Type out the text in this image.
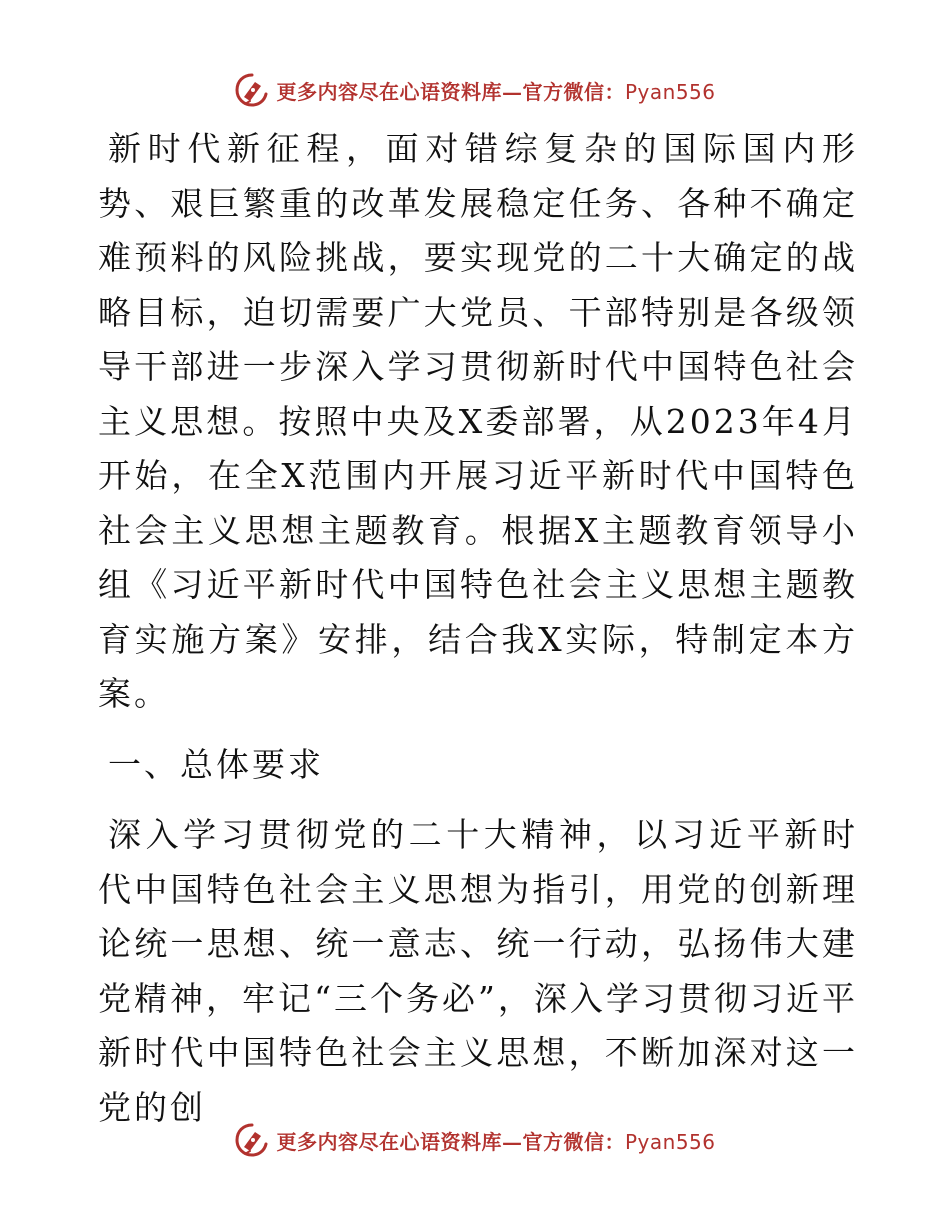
更多内容尽在心语资料库—官方微信：Pyan556

新时代新征程，面对错综复杂的国际国内形势、艰巨繁重的改革发展稳定任务、各种不确定难预料的风险挑战，要实现党的二十大确定的战略目标，迫切需要广大党员、干部特别是各级领导干部进一步深入学习贯彻新时代中国特色社会主义思想。按照中央及X委部署，从2023年4月开始，在全X范围内开展习近平新时代中国特色社会主义思想主题教育。根据X主题教育领导小组《习近平新时代中国特色社会主义思想主题教育实施方案》安排，结合我X实际，特制定本方案。

一、总体要求

深入学习贯彻党的二十大精神，以习近平新时代中国特色社会主义思想为指引，用党的创新理论统一思想、统一意志、统一行动，弘扬伟大建党精神，牢记“三个务必”，深入学习贯彻习近平新时代中国特色社会主义思想，不断加深对这一党的创

更多内容尽在心语资料库—官方微信：Pyan556
